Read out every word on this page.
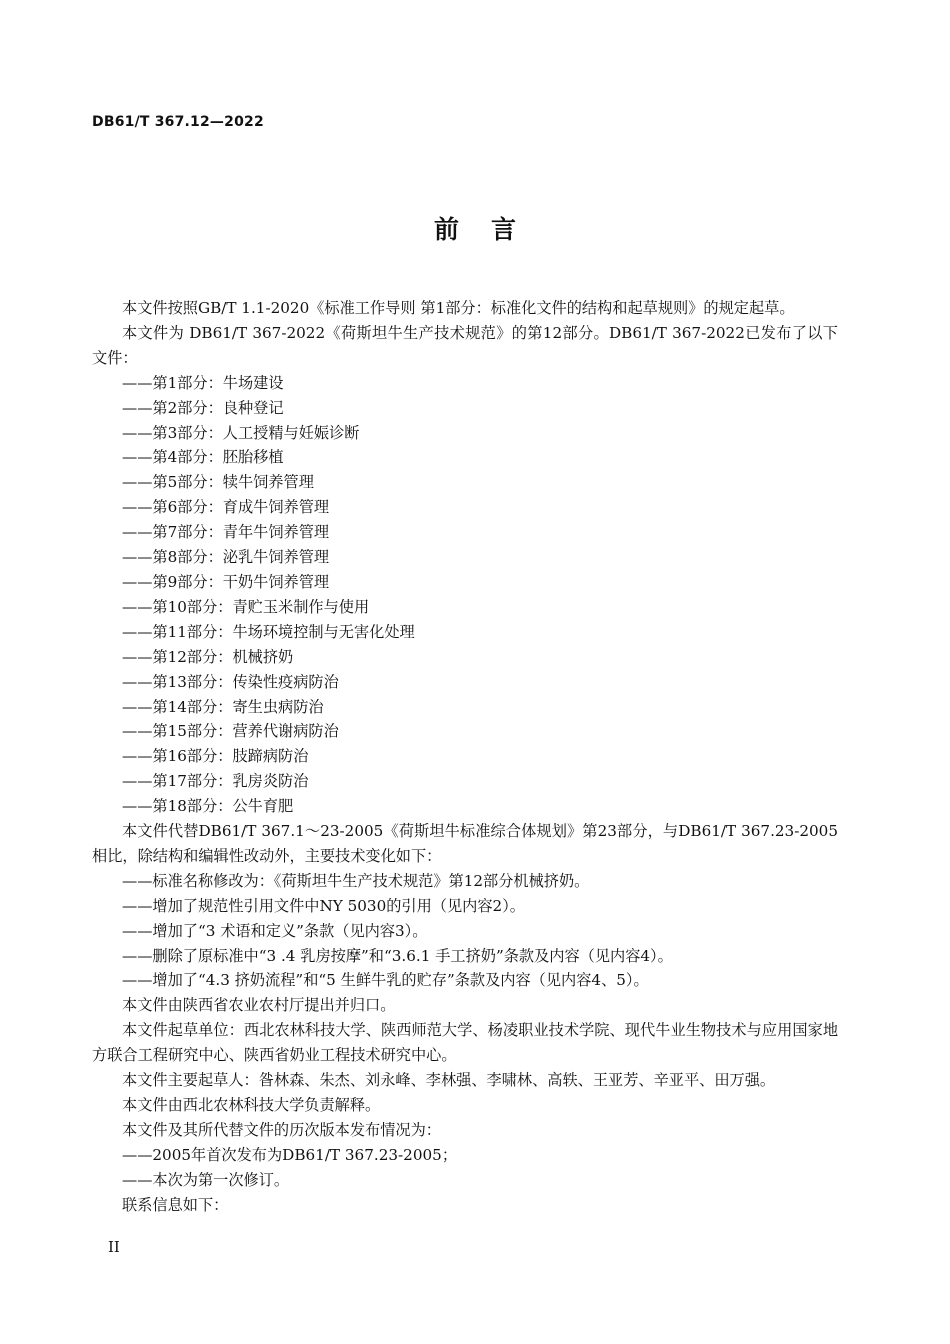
DB61/T 367.12—2022
前言

本文件按照GB/T 1.1-2020《标准工作导则 第1部分：标准化文件的结构和起草规则》的规定起草。

本文件为 DB61/T 367-2022《荷斯坦牛生产技术规范》的第12部分。DB61/T 367-2022已发布了以下文件：

——第1部分：牛场建设
——第2部分：良种登记
——第3部分：人工授精与妊娠诊断
——第4部分：胚胎移植
——第5部分：犊牛饲养管理
——第6部分：育成牛饲养管理
——第7部分：青年牛饲养管理
——第8部分：泌乳牛饲养管理
——第9部分：干奶牛饲养管理
——第10部分：青贮玉米制作与使用
——第11部分：牛场环境控制与无害化处理
——第12部分：机械挤奶
——第13部分：传染性疫病防治
——第14部分：寄生虫病防治
——第15部分：营养代谢病防治
——第16部分：肢蹄病防治
——第17部分：乳房炎防治
——第18部分：公牛育肥

本文件代替DB61/T 367.1～23-2005《荷斯坦牛标准综合体规划》第23部分，与DB61/T 367.23-2005相比，除结构和编辑性改动外，主要技术变化如下：

——标准名称修改为：《荷斯坦牛生产技术规范》第12部分机械挤奶。
——增加了规范性引用文件中NY 5030的引用（见内容2）。
——增加了“3 术语和定义”条款（见内容3）。
——删除了原标准中“3 .4 乳房按摩”和“3.6.1 手工挤奶”条款及内容（见内容4）。
——增加了“4.3 挤奶流程”和“5 生鲜牛乳的贮存”条款及内容（见内容4、5）。

本文件由陕西省农业农村厅提出并归口。

本文件起草单位：西北农林科技大学、陕西师范大学、杨凌职业技术学院、现代牛业生物技术与应用国家地方联合工程研究中心、陕西省奶业工程技术研究中心。

本文件主要起草人：昝林森、朱杰、刘永峰、李林强、李啸林、高轶、王亚芳、辛亚平、田万强。

本文件由西北农林科技大学负责解释。

本文件及其所代替文件的历次版本发布情况为：

——2005年首次发布为DB61/T 367.23-2005；
——本次为第一次修订。

联系信息如下：

II
